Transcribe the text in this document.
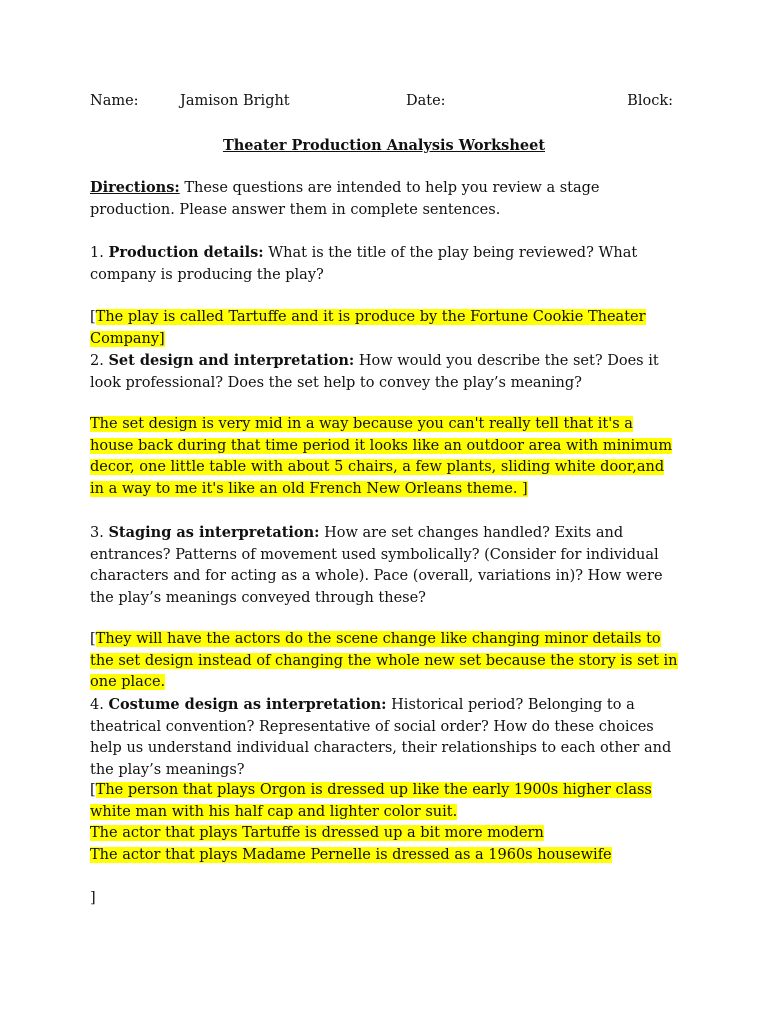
Name:	Jamison Bright	Date:	Block:
Theater Production Analysis Worksheet

Directions: These questions are intended to help you review a stage production. Please answer them in complete sentences.

1. Production details: What is the title of the play being reviewed? What company is producing the play?

[The play is called Tartuffe and it is produce by the Fortune Cookie Theater Company]

2. Set design and interpretation: How would you describe the set? Does it look professional? Does the set help to convey the play’s meaning?

The set design is very mid in a way because you can't really tell that it's a house back during that time period it looks like an outdoor area with minimum decor, one little table with about 5 chairs, a few plants, sliding white door,and in a way to me it's like an old French New Orleans theme. ]

3. Staging as interpretation: How are set changes handled? Exits and entrances? Patterns of movement used symbolically? (Consider for individual characters and for acting as a whole). Pace (overall, variations in)? How were the play’s meanings conveyed through these?

[They will have the actors do the scene change like changing minor details to the set design instead of changing the whole new set because the story is set in one place.

4. Costume design as interpretation: Historical period? Belonging to a theatrical convention? Representative of social order? How do these choices help us understand individual characters, their relationships to each other and the play’s meanings?

[The person that plays Orgon is dressed up like the early 1900s higher class white man with his half cap and lighter color suit.

The actor that plays Tartuffe is dressed up a bit more modern

The actor that plays Madame Pernelle is dressed as a 1960s housewife

]
